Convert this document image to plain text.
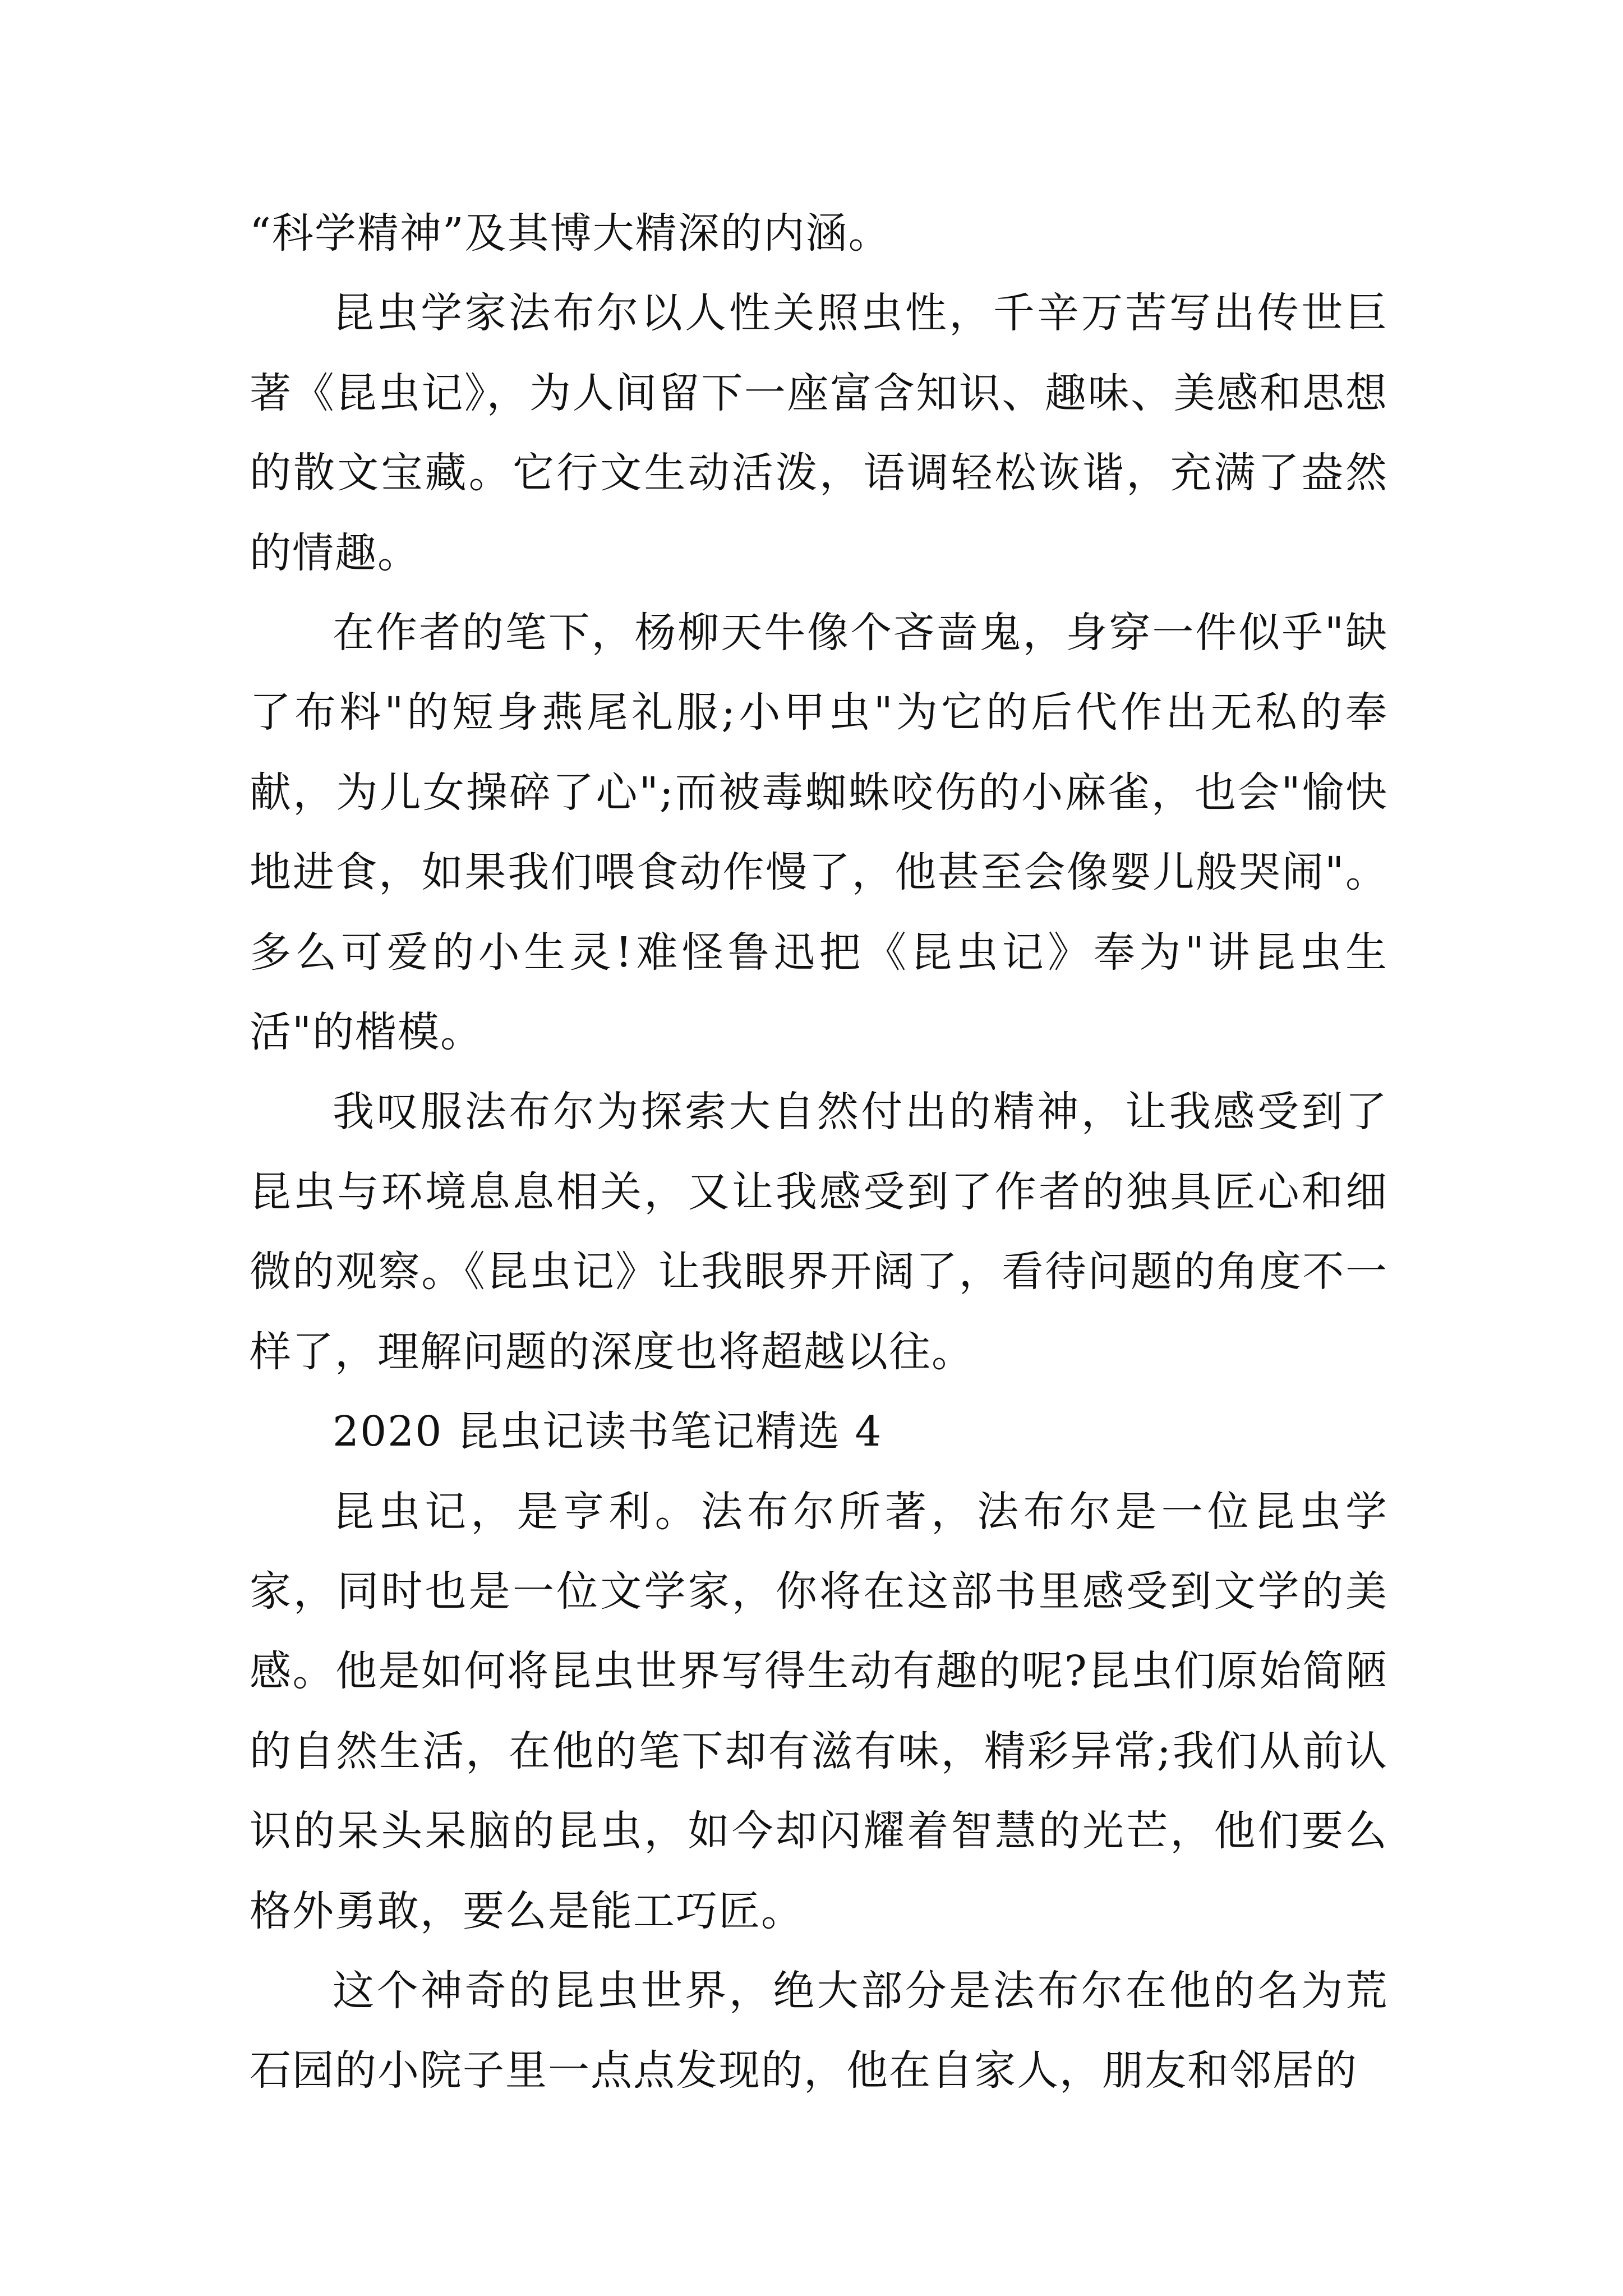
“科学精神”及其博大精深的内涵。

昆虫学家法布尔以人性关照虫性，千辛万苦写出传世巨著《昆虫记》，为人间留下一座富含知识、趣味、美感和思想的散文宝藏。它行文生动活泼，语调轻松诙谐，充满了盎然的情趣。

在作者的笔下，杨柳天牛像个吝啬鬼，身穿一件似乎"缺了布料"的短身燕尾礼服;小甲虫"为它的后代作出无私的奉献，为儿女操碎了心";而被毒蜘蛛咬伤的小麻雀，也会"愉快地进食，如果我们喂食动作慢了，他甚至会像婴儿般哭闹"。多么可爱的小生灵!难怪鲁迅把《昆虫记》奉为"讲昆虫生活"的楷模。

我叹服法布尔为探索大自然付出的精神，让我感受到了昆虫与环境息息相关，又让我感受到了作者的独具匠心和细微的观察。《昆虫记》让我眼界开阔了，看待问题的角度不一样了，理解问题的深度也将超越以往。

2020 昆虫记读书笔记精选 4

昆虫记，是亨利。法布尔所著，法布尔是一位昆虫学家，同时也是一位文学家，你将在这部书里感受到文学的美感。他是如何将昆虫世界写得生动有趣的呢?昆虫们原始简陋的自然生活，在他的笔下却有滋有味，精彩异常;我们从前认识的呆头呆脑的昆虫，如今却闪耀着智慧的光芒，他们要么格外勇敢，要么是能工巧匠。

这个神奇的昆虫世界，绝大部分是法布尔在他的名为荒石园的小院子里一点点发现的，他在自家人，朋友和邻居的
